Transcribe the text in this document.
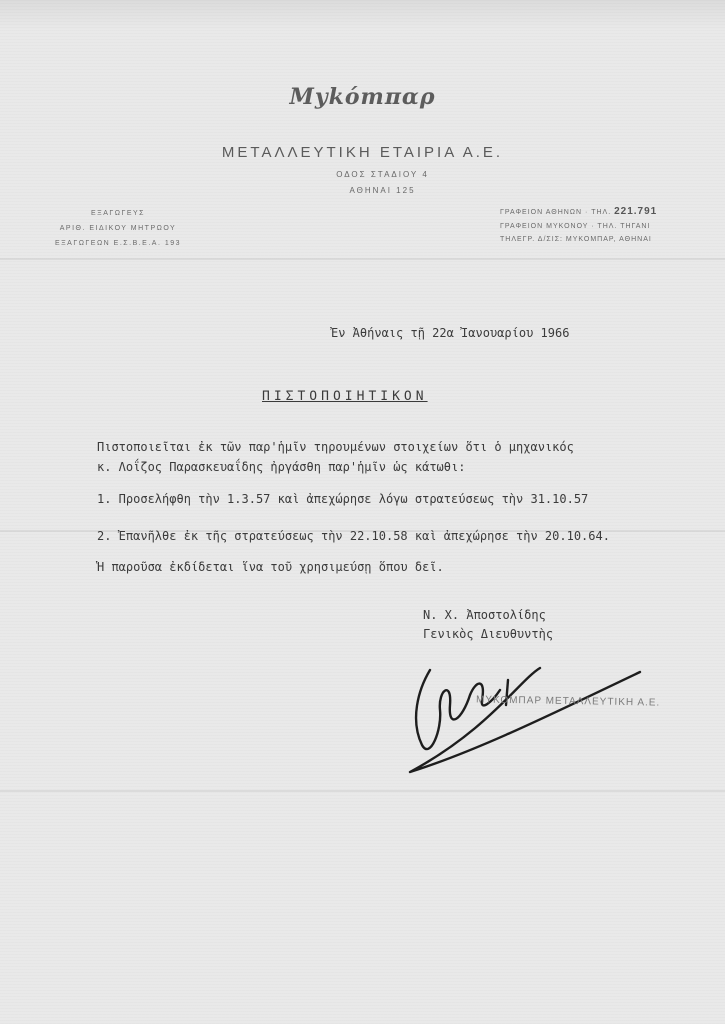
Μykόmπαρ
ΜΕΤΑΛΛΕΥΤΙΚΗ ΕΤΑΙΡΙΑ Α.Ε.
ΟΔΟΣ ΣΤΑΔΙΟΥ 4
ΑΘΗΝΑΙ 125
ΕΞΑΓΩΓΕΥΣ
ΑΡΙΘ. ΕΙΔΙΚΟΥ ΜΗΤΡΩΟΥ
ΕΞΑΓΩΓΕΩΝ Ε.Σ.Β.Ε.Α. 193
ΓΡΑΦΕΙΟΝ ΑΘΗΝΩΝ · ΤΗΛ. 221.791
ΓΡΑΦΕΙΟΝ ΜΥΚΟΝΟΥ · ΤΗΛ. ΤΗΓΑΝΙ
ΤΗΛΕΓΡ. Δ/ΣΙΣ: ΜΥΚΟΜΠΑΡ, ΑΘΗΝΑΙ
Ἐν Ἀθήναις τῇ 22α Ἰανουαρίου 1966
ΠΙΣΤΟΠΟΙΗΤΙΚΟΝ
Πιστοποιεῖται ἐκ τῶν παρ'ἡμῖν τηρουμένων στοιχείων ὅτι ὁ μηχανικός
κ. Λοΐζος Παρασκευαΐδης ἠργάσθη παρ'ἡμῖν ὡς κάτωθι:
1. Προσελήφθη τὴν 1.3.57 καὶ ἀπεχώρησε λόγω στρατεύσεως τὴν 31.10.57
2. Ἐπανῆλθε ἐκ τῆς στρατεύσεως τὴν 22.10.58 καὶ ἀπεχώρησε τὴν 20.10.64.
Ἡ παροῦσα ἐκδίδεται ἵνα τοῦ χρησιμεύσῃ ὅπου δεῖ.
Ν. Χ. Ἀποστολίδης
Γενικὸς Διευθυντὴς
ΜΥΚΟΜΠΑΡ ΜΕΤΑΛΛΕΥΤΙΚΗ Α.Ε.
